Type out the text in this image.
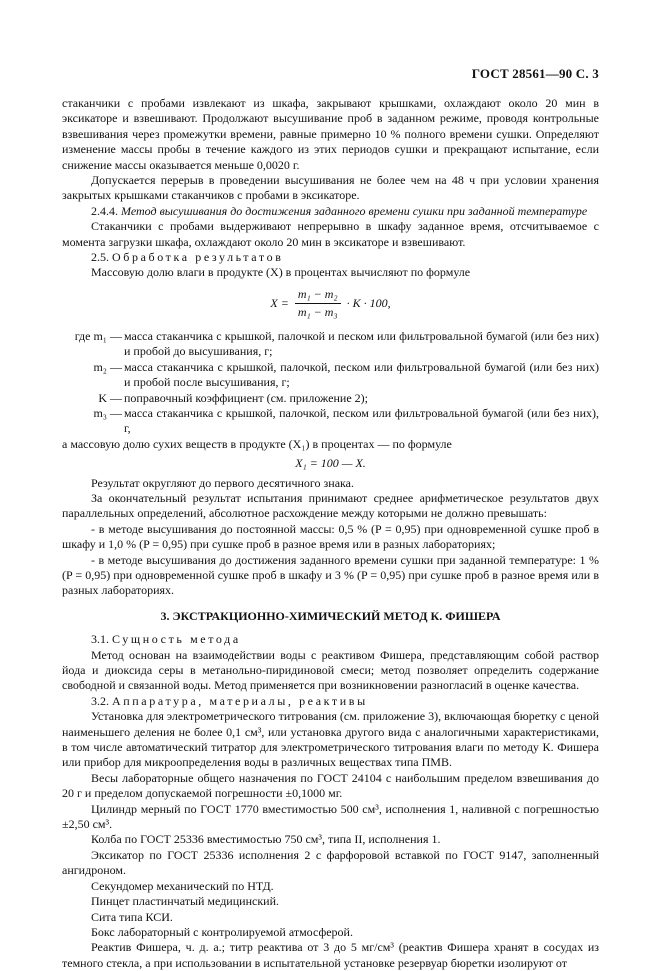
ГОСТ 28561—90 С. 3

стаканчики с пробами извлекают из шкафа, закрывают крышками, охлаждают около 20 мин в эксикаторе и взвешивают. Продолжают высушивание проб в заданном режиме, проводя контрольные взвешивания через промежутки времени, равные примерно 10 % полного времени сушки. Определяют изменение массы пробы в течение каждого из этих периодов сушки и прекращают испытание, если снижение массы оказывается меньше 0,0020 г.

Допускается перерыв в проведении высушивания не более чем на 48 ч при условии хранения закрытых крышками стаканчиков с пробами в эксикаторе.

2.4.4. Метод высушивания до достижения заданного времени сушки при заданной температуре

Стаканчики с пробами выдерживают непрерывно в шкафу заданное время, отсчитываемое с момента загрузки шкафа, охлаждают около 20 мин в эксикаторе и взвешивают.

2.5. Обработка результатов

Массовую долю влаги в продукте (X) в процентах вычисляют по формуле

$X = \frac{\text{m₁ − m₂}}{\text{m₁ − m₃}} \cdot K \cdot 100$,
где m₁ — масса стаканчика с крышкой, палочкой и песком или фильтровальной бумагой (или без них) и пробой до высушивания, г;
m₂ — масса стаканчика с крышкой, палочкой, песком или фильтровальной бумагой (или без них) и пробой после высушивания, г;
K — поправочный коэффициент (см. приложение 2);
m₃ — масса стаканчика с крышкой, палочкой, песком или фильтровальной бумагой (или без них), г,

а массовую долю сухих веществ в продукте (X₁) в процентах — по формуле

X₁ = 100 — X.

Результат округляют до первого десятичного знака.

За окончательный результат испытания принимают среднее арифметическое результатов двух параллельных определений, абсолютное расхождение между которыми не должно превышать:

- в методе высушивания до постоянной массы: 0,5 % (P = 0,95) при одновременной сушке проб в шкафу и 1,0 % (P = 0,95) при сушке проб в разное время или в разных лабораториях;

- в методе высушивания до достижения заданного времени сушки при заданной температуре: 1 % (P = 0,95) при одновременной сушке проб в шкафу и 3 % (P = 0,95) при сушке проб в разное время или в разных лабораториях.

3. ЭКСТРАКЦИОННО-ХИМИЧЕСКИЙ МЕТОД К. ФИШЕРА

3.1. Сущность метода

Метод основан на взаимодействии воды с реактивом Фишера, представляющим собой раствор йода и диоксида серы в метанольно-пиридиновой смеси; метод позволяет определить содержание свободной и связанной воды. Метод применяется при возникновении разногласий в оценке качества.

3.2. Аппаратура, материалы, реактивы

Установка для электрометрического титрования (см. приложение 3), включающая бюретку с ценой наименьшего деления не более 0,1 см³, или установка другого вида с аналогичными характеристиками, в том числе автоматический титратор для электрометрического титрования влаги по методу К. Фишера или прибор для микроопределения воды в различных веществах типа ПМВ.

Весы лабораторные общего назначения по ГОСТ 24104 с наибольшим пределом взвешивания до 20 г и пределом допускаемой погрешности ±0,1000 мг.

Цилиндр мерный по ГОСТ 1770 вместимостью 500 см³, исполнения 1, наливной с погрешностью ±2,50 см³.

Колба по ГОСТ 25336 вместимостью 750 см³, типа II, исполнения 1.

Эксикатор по ГОСТ 25336 исполнения 2 с фарфоровой вставкой по ГОСТ 9147, заполненный ангидроном.

Секундомер механический по НТД.

Пинцет пластинчатый медицинский.

Сита типа КСИ.

Бокс лабораторный с контролируемой атмосферой.

Реактив Фишера, ч. д. а.; титр реактива от 3 до 5 мг/см³ (реактив Фишера хранят в сосудах из темного стекла, а при использовании в испытательной установке резервуар бюретки изолируют от
